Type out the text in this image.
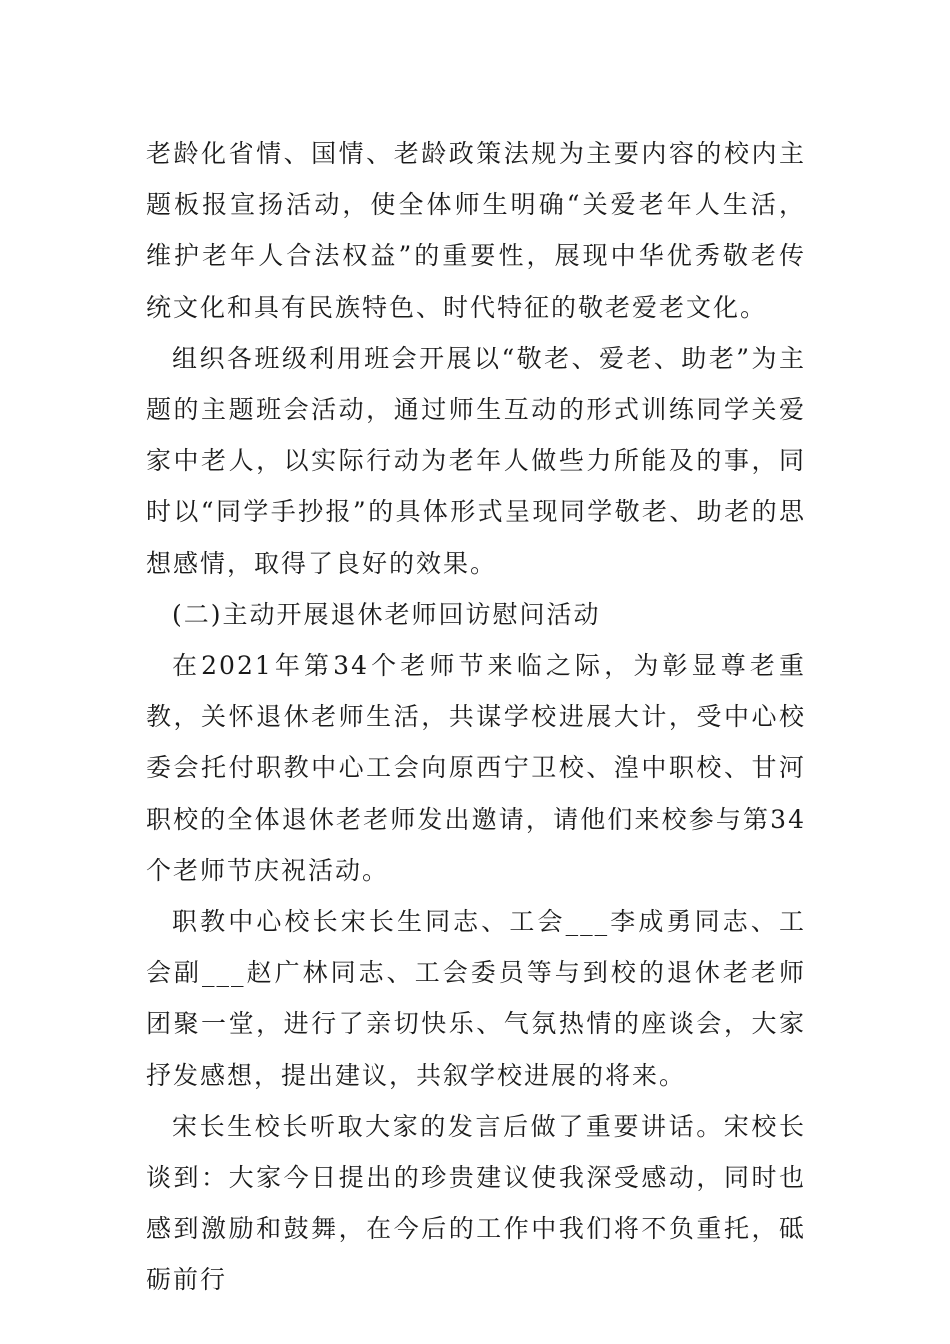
老龄化省情、国情、老龄政策法规为主要内容的校内主题板报宣扬活动，使全体师生明确“关爱老年人生活，维护老年人合法权益”的重要性，展现中华优秀敬老传统文化和具有民族特色、时代特征的敬老爱老文化。

组织各班级利用班会开展以“敬老、爱老、助老”为主题的主题班会活动，通过师生互动的形式训练同学关爱家中老人，以实际行动为老年人做些力所能及的事，同时以“同学手抄报”的具体形式呈现同学敬老、助老的思想感情，取得了良好的效果。

(二)主动开展退休老师回访慰问活动

在2021年第34个老师节来临之际，为彰显尊老重教，关怀退休老师生活，共谋学校进展大计，受中心校委会托付职教中心工会向原西宁卫校、湟中职校、甘河职校的全体退休老老师发出邀请，请他们来校参与第34个老师节庆祝活动。

职教中心校长宋长生同志、工会___李成勇同志、工会副___赵广林同志、工会委员等与到校的退休老老师团聚一堂，进行了亲切快乐、气氛热情的座谈会，大家抒发感想，提出建议，共叙学校进展的将来。

宋长生校长听取大家的发言后做了重要讲话。宋校长谈到：大家今日提出的珍贵建议使我深受感动，同时也感到激励和鼓舞，在今后的工作中我们将不负重托，砥砺前行
